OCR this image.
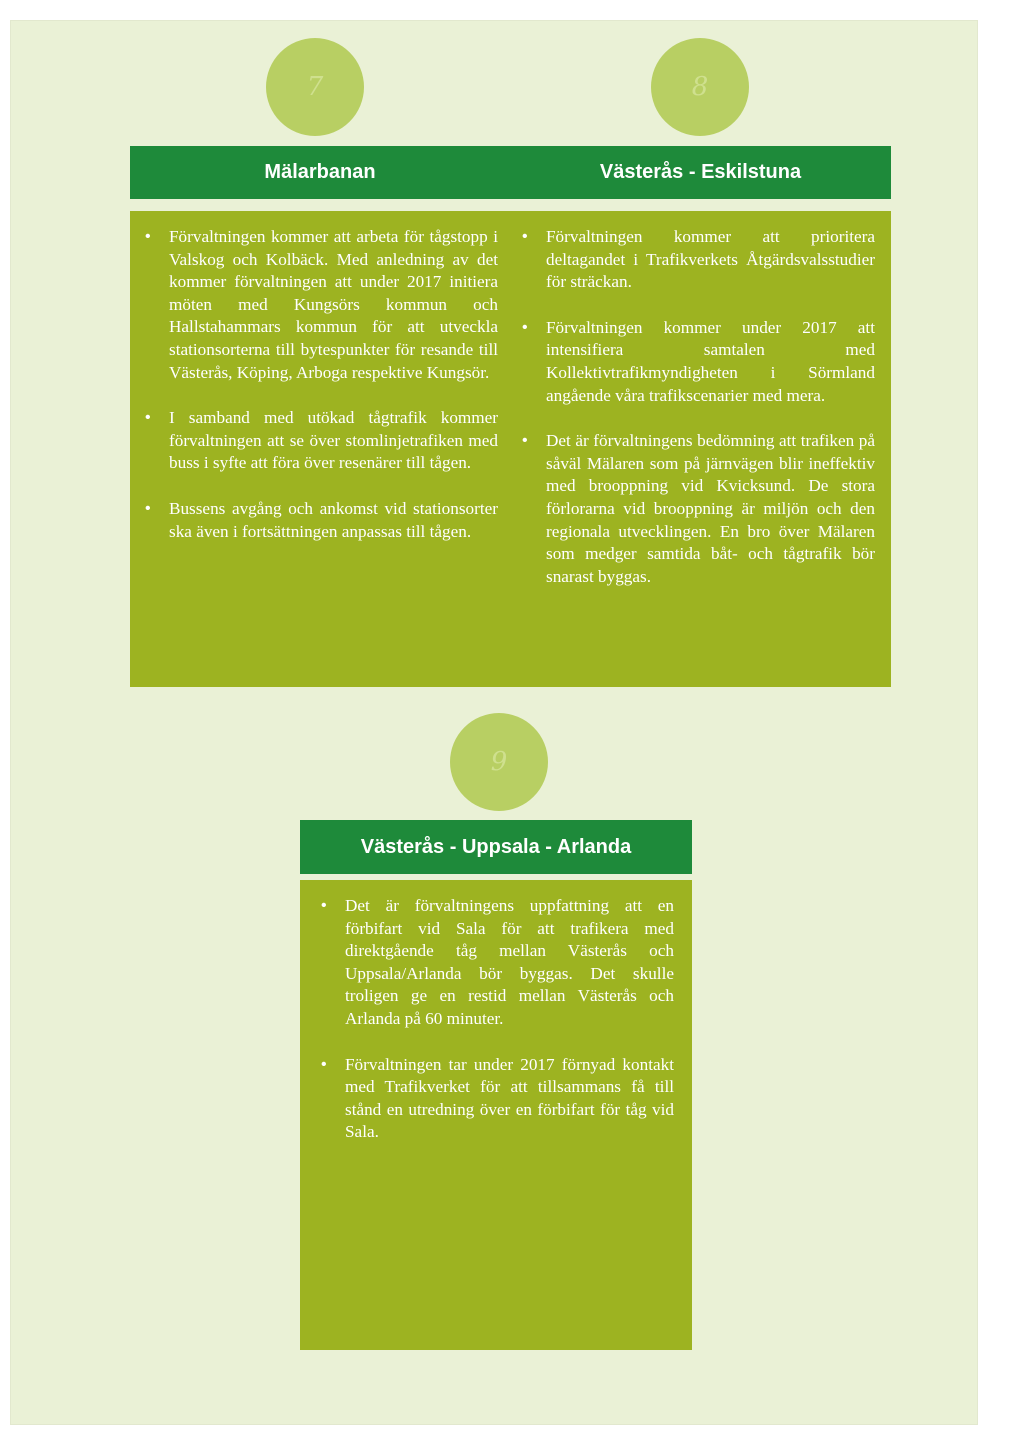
7	8
Mälarbanan	Västerås - Eskilstuna
• Förvaltningen kommer att arbeta för tågstopp i Valskog och Kolbäck. Med anledning av det kommer förvaltningen att under 2017 initiera möten med Kungsörs kommun och Hallstahammars kommun för att utveckla stationsorterna till bytespunkter för resande till Västerås, Köping, Arboga respektive Kungsör.
• I samband med utökad tågtrafik kommer förvaltningen att se över stomlinjetrafiken med buss i syfte att föra över resenärer till tågen.
• Bussens avgång och ankomst vid stationsorter ska även i fortsättningen anpassas till tågen.
• Förvaltningen kommer att prioritera deltagandet i Trafikverkets Åtgärdsvalsstudier för sträckan.
• Förvaltningen kommer under 2017 att intensifiera samtalen med Kollektivtrafikmyndigheten i Sörmland angående våra trafikscenarier med mera.
• Det är förvaltningens bedömning att trafiken på såväl Mälaren som på järnvägen blir ineffektiv med brooppning vid Kvicksund. De stora förlorarna vid brooppning är miljön och den regionala utvecklingen. En bro över Mälaren som medger samtida båt- och tågtrafik bör snarast byggas.
9
Västerås - Uppsala - Arlanda
• Det är förvaltningens uppfattning att en förbifart vid Sala för att trafikera med direktgående tåg mellan Västerås och Uppsala/Arlanda bör byggas. Det skulle troligen ge en restid mellan Västerås och Arlanda på 60 minuter.
• Förvaltningen tar under 2017 förnyad kontakt med Trafikverket för att tillsammans få till stånd en utredning över en förbifart för tåg vid Sala.
